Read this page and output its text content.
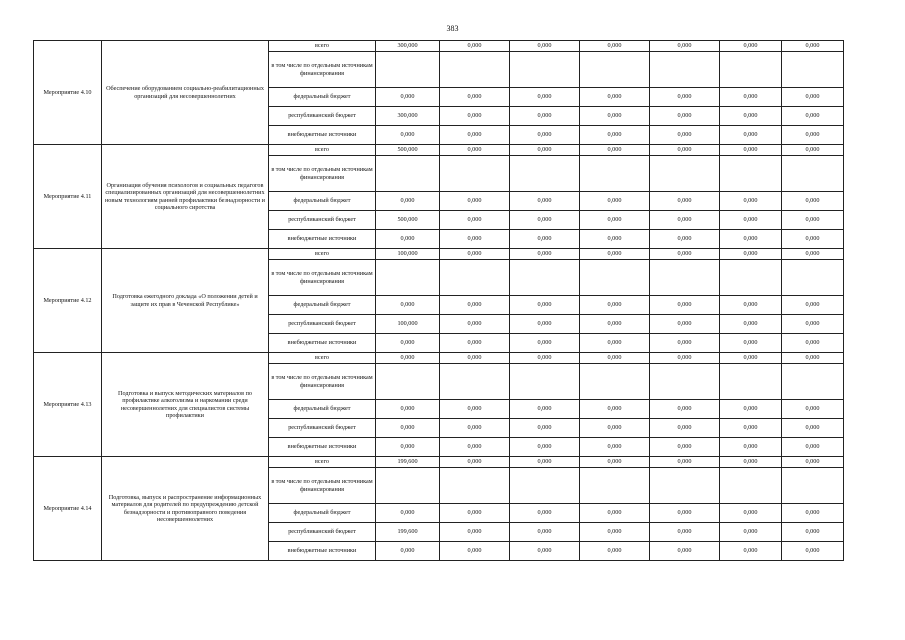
383
Мероприятие 4.10	Обеспечение оборудованием социально-реабилитационных организаций для несовершеннолетних	всего	300,000	0,000	0,000	0,000	0,000	0,000	0,000
		в том числе по отдельным источникам финансирования							
		федеральный бюджет	0,000	0,000	0,000	0,000	0,000	0,000	0,000
		республиканский бюджет	300,000	0,000	0,000	0,000	0,000	0,000	0,000
		внебюджетные источники	0,000	0,000	0,000	0,000	0,000	0,000	0,000
Мероприятие 4.11	Организация обучения психологов и социальных педагогов специализированных организаций для несовершеннолетних новым технологиям ранней профилактики безнадзорности и социального сиротства	всего	500,000	0,000	0,000	0,000	0,000	0,000	0,000
		в том числе по отдельным источникам финансирования							
		федеральный бюджет	0,000	0,000	0,000	0,000	0,000	0,000	0,000
		республиканский бюджет	500,000	0,000	0,000	0,000	0,000	0,000	0,000
		внебюджетные источники	0,000	0,000	0,000	0,000	0,000	0,000	0,000
Мероприятие 4.12	Подготовка ежегодного доклада «О положении детей и защите их прав в Чеченской Республике»	всего	100,000	0,000	0,000	0,000	0,000	0,000	0,000
		в том числе по отдельным источникам финансирования							
		федеральный бюджет	0,000	0,000	0,000	0,000	0,000	0,000	0,000
		республиканский бюджет	100,000	0,000	0,000	0,000	0,000	0,000	0,000
		внебюджетные источники	0,000	0,000	0,000	0,000	0,000	0,000	0,000
Мероприятие 4.13	Подготовка и выпуск методических материалов по профилактике алкоголизма и наркомании среди несовершеннолетних для специалистов системы профилактики	всего	0,000	0,000	0,000	0,000	0,000	0,000	0,000
		в том числе по отдельным источникам финансирования							
		федеральный бюджет	0,000	0,000	0,000	0,000	0,000	0,000	0,000
		республиканский бюджет	0,000	0,000	0,000	0,000	0,000	0,000	0,000
		внебюджетные источники	0,000	0,000	0,000	0,000	0,000	0,000	0,000
Мероприятие 4.14	Подготовка, выпуск и распространение информационных материалов для родителей по предупреждению детской безнадзорности и противоправного поведения несовершеннолетних	всего	199,600	0,000	0,000	0,000	0,000	0,000	0,000
		в том числе по отдельным источникам финансирования							
		федеральный бюджет	0,000	0,000	0,000	0,000	0,000	0,000	0,000
		республиканский бюджет	199,600	0,000	0,000	0,000	0,000	0,000	0,000
		внебюджетные источники	0,000	0,000	0,000	0,000	0,000	0,000	0,000
